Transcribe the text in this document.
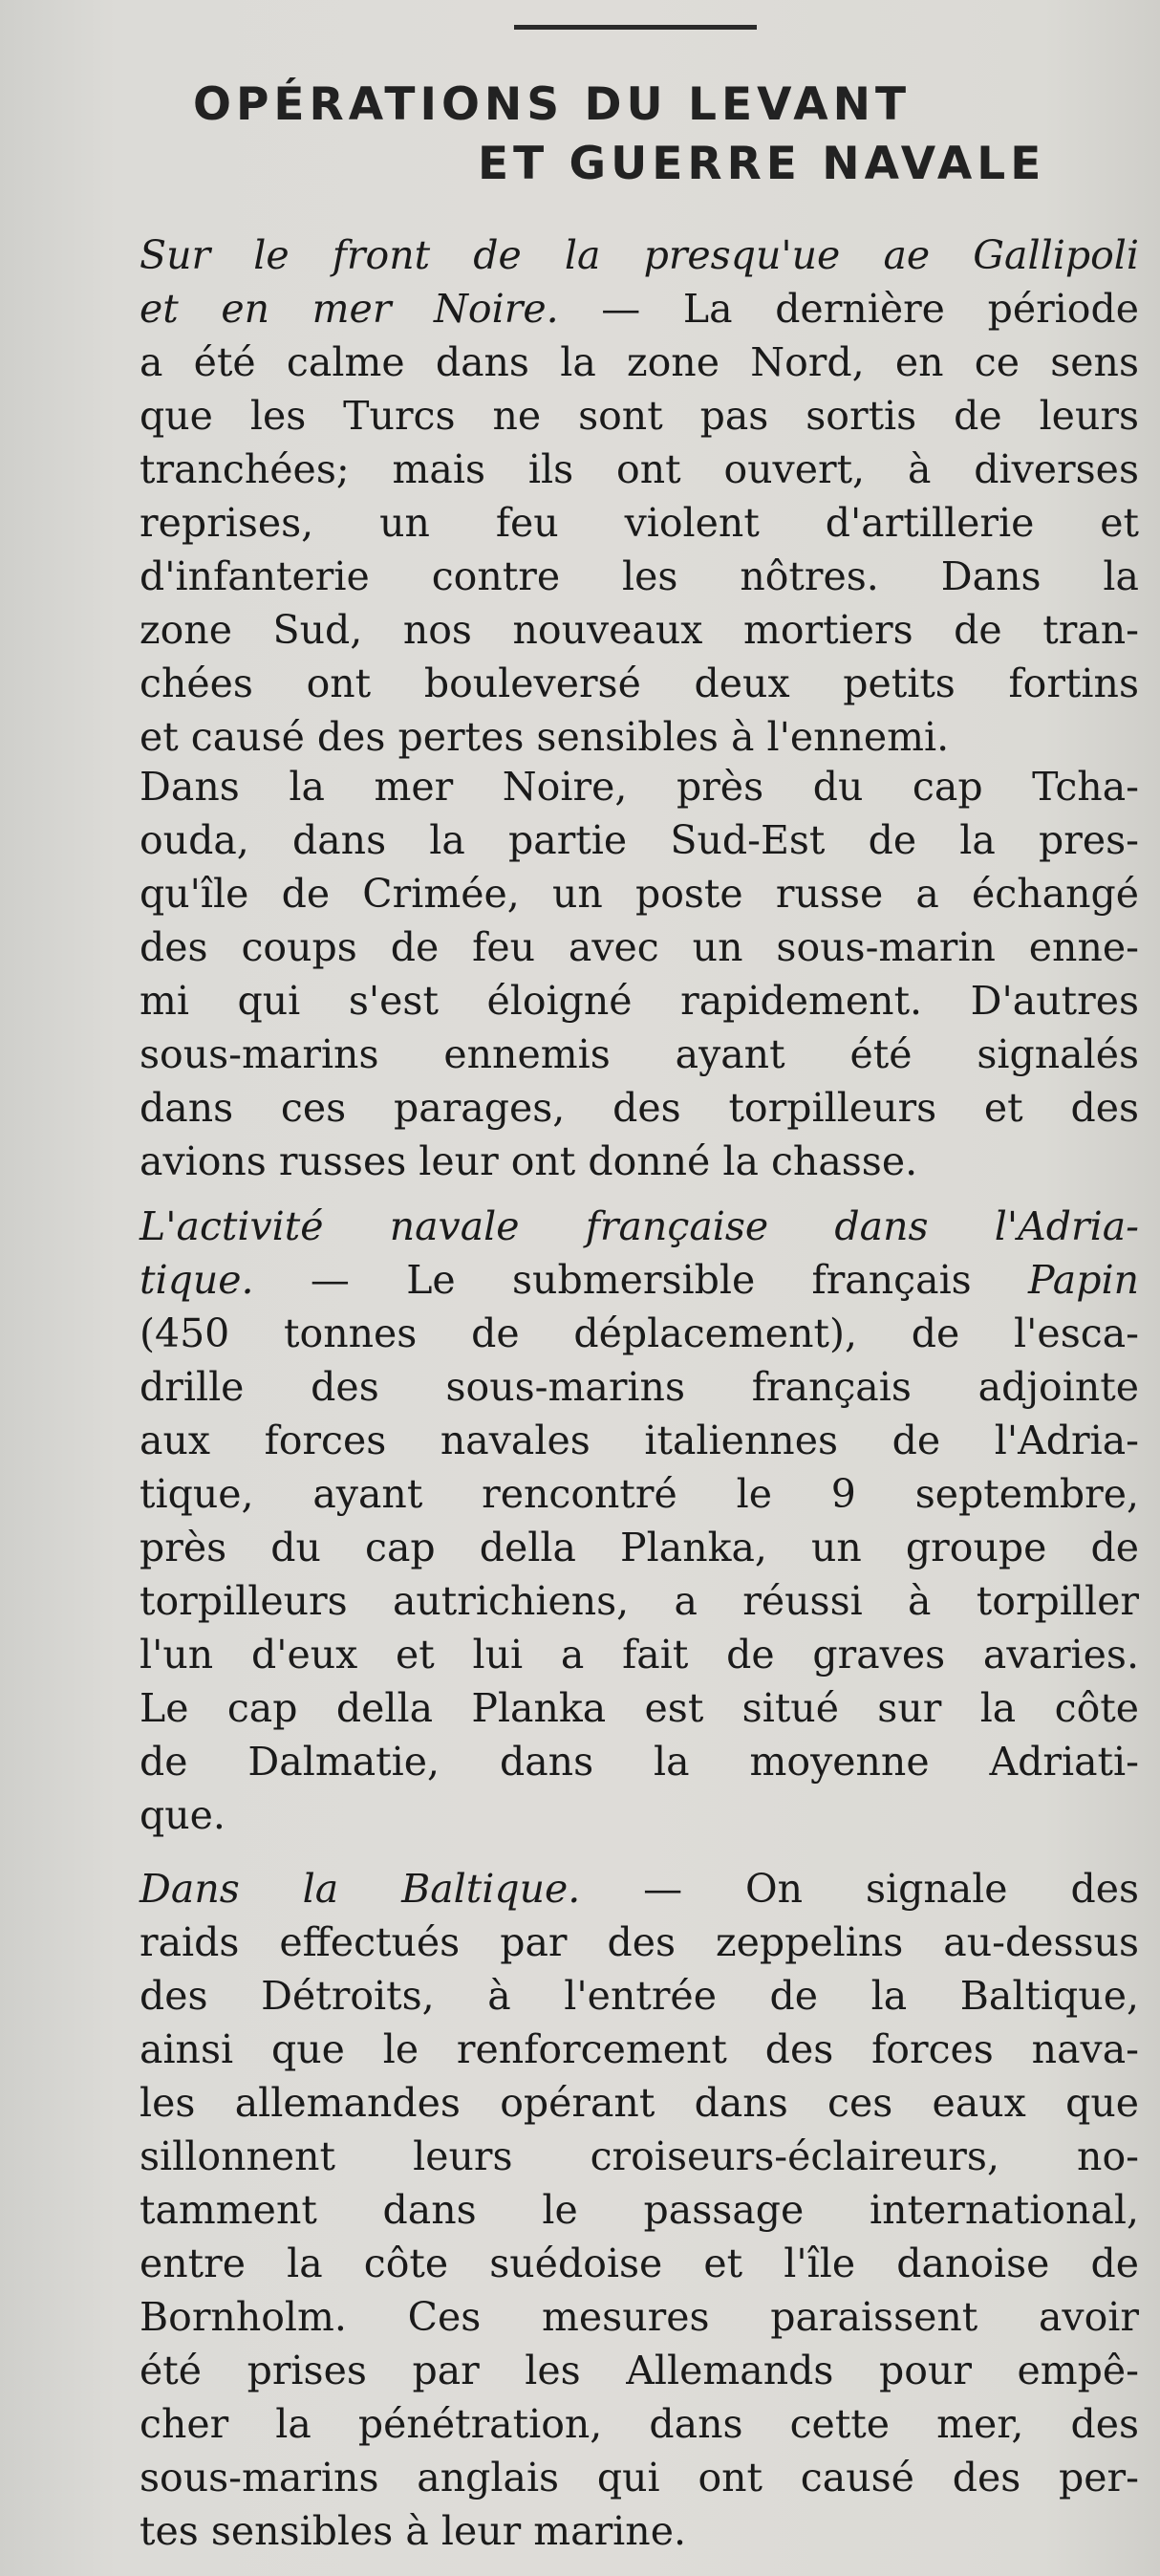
OPÉRATIONS DU LEVANT
ET GUERRE NAVALE
Sur le front de la presqu'ue ae Gallipoli
et en mer Noire. — La dernière période
a été calme dans la zone Nord, en ce sens
que les Turcs ne sont pas sortis de leurs
tranchées; mais ils ont ouvert, à diverses
reprises, un feu violent d'artillerie et
d'infanterie contre les nôtres. Dans la
zone Sud, nos nouveaux mortiers de tran-
chées ont bouleversé deux petits fortins
et causé des pertes sensibles à l'ennemi.
Dans la mer Noire, près du cap Tcha-
ouda, dans la partie Sud-Est de la pres-
qu'île de Crimée, un poste russe a échangé
des coups de feu avec un sous-marin enne-
mi qui s'est éloigné rapidement. D'autres
sous-marins ennemis ayant été signalés
dans ces parages, des torpilleurs et des
avions russes leur ont donné la chasse.
L'activité navale française dans l'Adria-
tique. — Le submersible français Papin
(450 tonnes de déplacement), de l'esca-
drille des sous-marins français adjointe
aux forces navales italiennes de l'Adria-
tique, ayant rencontré le 9 septembre,
près du cap della Planka, un groupe de
torpilleurs autrichiens, a réussi à torpiller
l'un d'eux et lui a fait de graves avaries.
Le cap della Planka est situé sur la côte
de Dalmatie, dans la moyenne Adriati-
que.
Dans la Baltique. — On signale des
raids effectués par des zeppelins au-dessus
des Détroits, à l'entrée de la Baltique,
ainsi que le renforcement des forces nava-
les allemandes opérant dans ces eaux que
sillonnent leurs croiseurs-éclaireurs, no-
tamment dans le passage international,
entre la côte suédoise et l'île danoise de
Bornholm. Ces mesures paraissent avoir
été prises par les Allemands pour empê-
cher la pénétration, dans cette mer, des
sous-marins anglais qui ont causé des per-
tes sensibles à leur marine.
